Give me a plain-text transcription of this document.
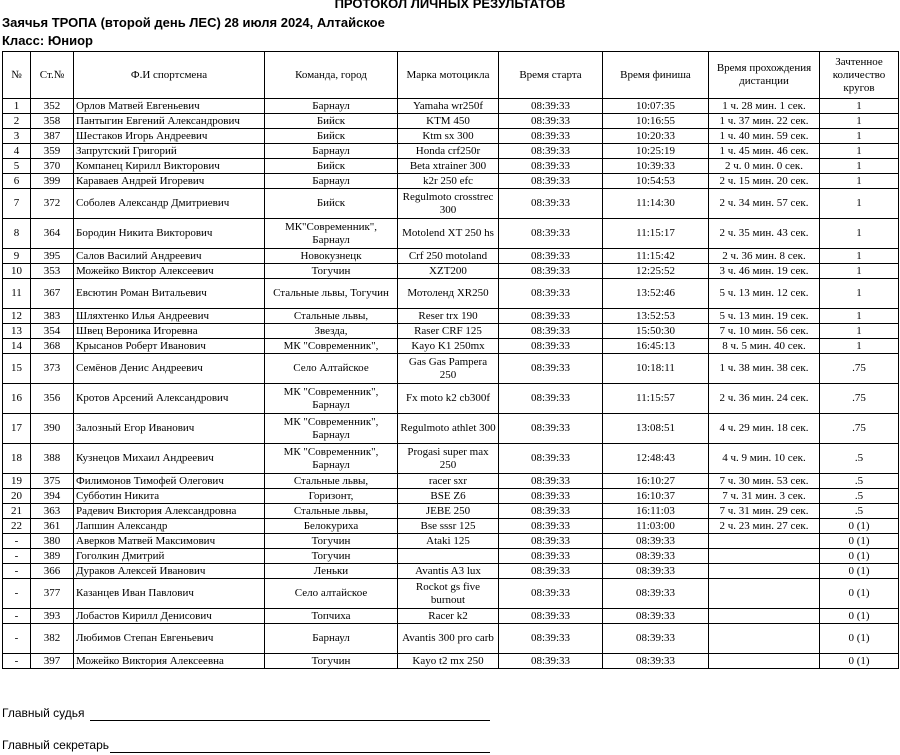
ПРОТОКОЛ ЛИЧНЫХ РЕЗУЛЬТАТОВ
Заячья ТРОПА (второй день ЛЕС) 28 июля 2024, Алтайское
Класс: Юниор
№	Ст.№	Ф.И спортсмена	Команда, город	Марка мотоцикла	Время старта	Время финиша	Время прохождения дистанции	Зачтенное количество кругов
1	352	Орлов Матвей Евгеньевич	Барнаул	Yamaha wr250f	08:39:33	10:07:35	1 ч. 28 мин. 1 сек.	1
2	358	Пантыгин Евгений Александрович	Бийск	KTM 450	08:39:33	10:16:55	1 ч. 37 мин. 22 сек.	1
3	387	Шестаков Игорь Андреевич	Бийск	Ktm sx 300	08:39:33	10:20:33	1 ч. 40 мин. 59 сек.	1
4	359	Запрутский Григорий	Барнаул	Honda crf250r	08:39:33	10:25:19	1 ч. 45 мин. 46 сек.	1
5	370	Компанец Кирилл Викторович	Бийск	Beta xtrainer 300	08:39:33	10:39:33	2 ч. 0 мин. 0 сек.	1
6	399	Караваев Андрей Игоревич	Барнаул	k2r 250 efc	08:39:33	10:54:53	2 ч. 15 мин. 20 сек.	1
7	372	Соболев Александр Дмитриевич	Бийск	Regulmoto crosstrec 300	08:39:33	11:14:30	2 ч. 34 мин. 57 сек.	1
8	364	Бородин Никита Викторович	МК"Современник", Барнаул	Motolend XT 250 hs	08:39:33	11:15:17	2 ч. 35 мин. 43 сек.	1
9	395	Салов Василий Андреевич	Новокузнецк	Crf 250 motoland	08:39:33	11:15:42	2 ч. 36 мин. 8 сек.	1
10	353	Можейко Виктор Алексеевич	Тогучин	XZT200	08:39:33	12:25:52	3 ч. 46 мин. 19 сек.	1
11	367	Евсютин Роман Витальевич	Стальные львы, Тогучин	Мотоленд XR250	08:39:33	13:52:46	5 ч. 13 мин. 12 сек.	1
12	383	Шляхтенко Илья Андреевич	Стальные львы,	Reser trx 190	08:39:33	13:52:53	5 ч. 13 мин. 19 сек.	1
13	354	Швец Вероника Игоревна	Звезда,	Raser CRF 125	08:39:33	15:50:30	7 ч. 10 мин. 56 сек.	1
14	368	Крысанов Роберт Иванович	МК "Современник",	Kayo K1 250mx	08:39:33	16:45:13	8 ч. 5 мин. 40 сек.	1
15	373	Семёнов Денис Андреевич	Село Алтайское	Gas Gas Pampera 250	08:39:33	10:18:11	1 ч. 38 мин. 38 сек.	.75
16	356	Кротов Арсений Александрович	МК "Современник", Барнаул	Fx moto k2 cb300f	08:39:33	11:15:57	2 ч. 36 мин. 24 сек.	.75
17	390	Залозный Егор Иванович	МК "Современник", Барнаул	Regulmoto athlet 300	08:39:33	13:08:51	4 ч. 29 мин. 18 сек.	.75
18	388	Кузнецов Михаил Андреевич	МК "Современник", Барнаул	Progasi super max 250	08:39:33	12:48:43	4 ч. 9 мин. 10 сек.	.5
19	375	Филимонов Тимофей Олегович	Стальные львы,	racer sxr	08:39:33	16:10:27	7 ч. 30 мин. 53 сек.	.5
20	394	Субботин Никита	Горизонт,	BSE Z6	08:39:33	16:10:37	7 ч. 31 мин. 3 сек.	.5
21	363	Радевич Виктория Александровна	Стальные львы,	JEBE 250	08:39:33	16:11:03	7 ч. 31 мин. 29 сек.	.5
22	361	Лапшин Александр	Белокуриха	Bse sssr 125	08:39:33	11:03:00	2 ч. 23 мин. 27 сек.	0 (1)
-	380	Аверков Матвей Максимович	Тогучин	Ataki 125	08:39:33	08:39:33		0 (1)
-	389	Гоголкин Дмитрий	Тогучин		08:39:33	08:39:33		0 (1)
-	366	Дураков Алексей Иванович	Леньки	Avantis A3 lux	08:39:33	08:39:33		0 (1)
-	377	Казанцев Иван Павлович	Село алтайское	Rockot gs five burnout	08:39:33	08:39:33		0 (1)
-	393	Лобастов Кирилл Денисович	Топчиха	Racer k2	08:39:33	08:39:33		0 (1)
-	382	Любимов Степан Евгеньевич	Барнаул	Avantis 300 pro carb	08:39:33	08:39:33		0 (1)
-	397	Можейко Виктория Алексеевна	Тогучин	Kayo t2 mx 250	08:39:33	08:39:33		0 (1)
Главный судья
Главный секретарь
